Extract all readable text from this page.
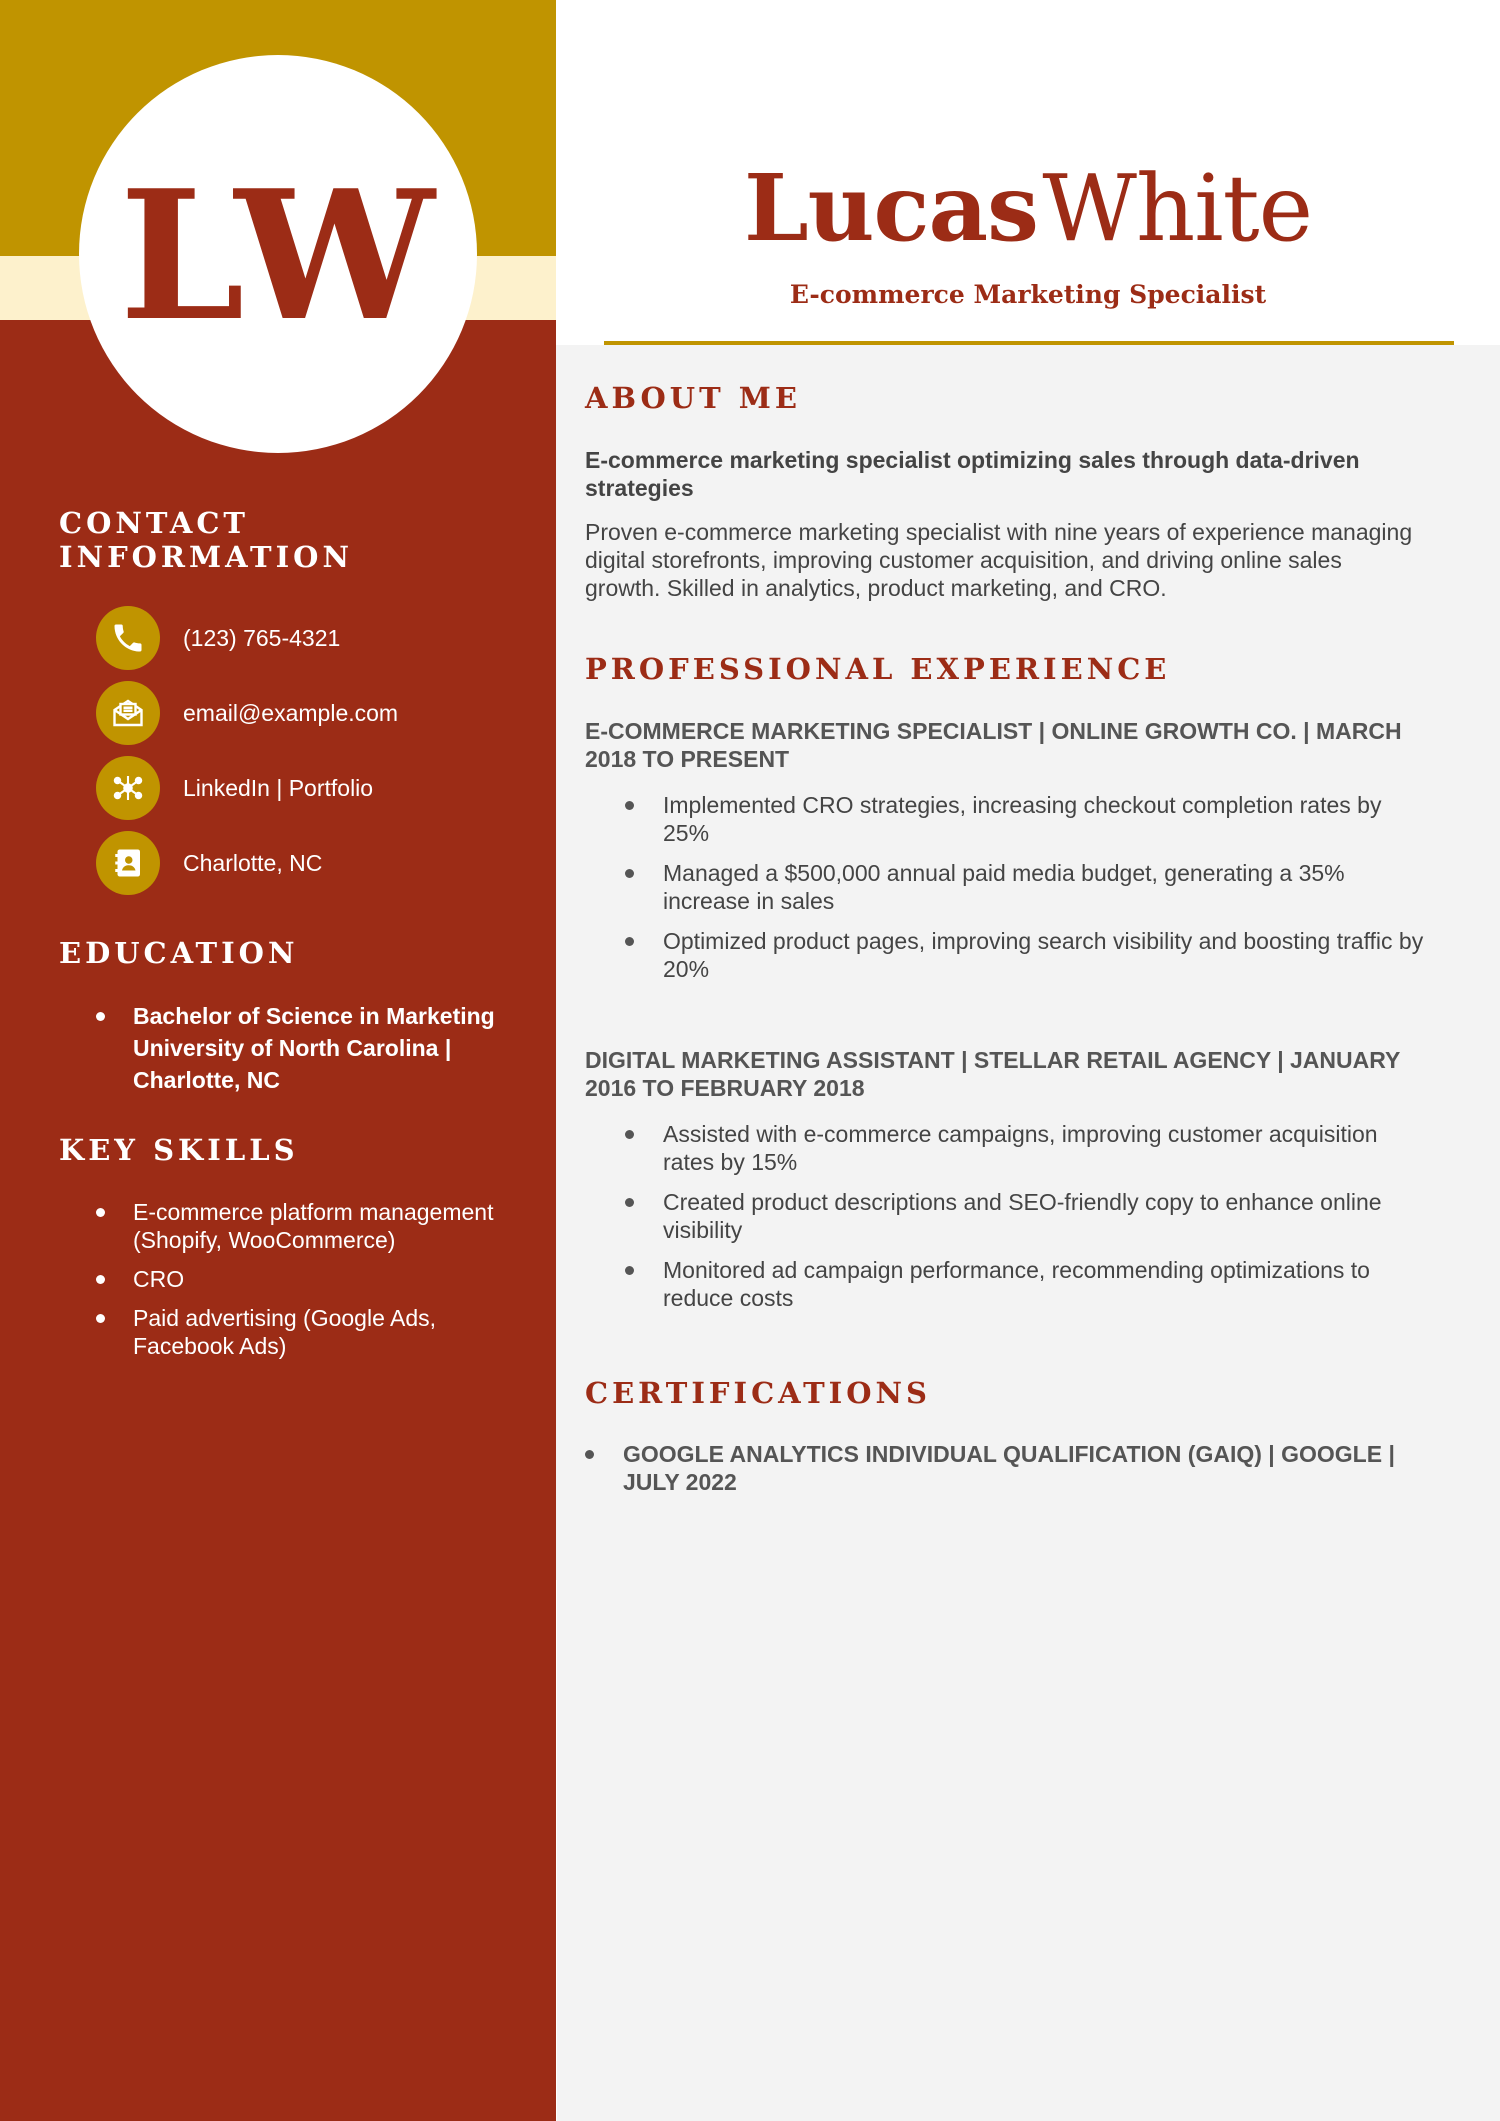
LW	Lucas White
E-commerce Marketing Specialist
CONTACT
INFORMATION
(123) 765-4321
email@example.com
LinkedIn | Portfolio
Charlotte, NC
EDUCATION
Bachelor of Science in Marketing
University of North Carolina |
Charlotte, NC
KEY SKILLS
E-commerce platform management
(Shopify, WooCommerce)
CRO
Paid advertising (Google Ads,
Facebook Ads)
ABOUT ME

E-commerce marketing specialist optimizing sales through data-driven
strategies

Proven e-commerce marketing specialist with nine years of experience managing
digital storefronts, improving customer acquisition, and driving online sales
growth. Skilled in analytics, product marketing, and CRO.

PROFESSIONAL EXPERIENCE

E-COMMERCE MARKETING SPECIALIST | ONLINE GROWTH CO. | MARCH
2018 TO PRESENT

Implemented CRO strategies, increasing checkout completion rates by
25%
Managed a $500,000 annual paid media budget, generating a 35%
increase in sales
Optimized product pages, improving search visibility and boosting traffic by
20%

DIGITAL MARKETING ASSISTANT | STELLAR RETAIL AGENCY | JANUARY
2016 TO FEBRUARY 2018

Assisted with e-commerce campaigns, improving customer acquisition
rates by 15%
Created product descriptions and SEO-friendly copy to enhance online
visibility
Monitored ad campaign performance, recommending optimizations to
reduce costs
CERTIFICATIONS
GOOGLE ANALYTICS INDIVIDUAL QUALIFICATION (GAIQ) | GOOGLE |
JULY 2022
